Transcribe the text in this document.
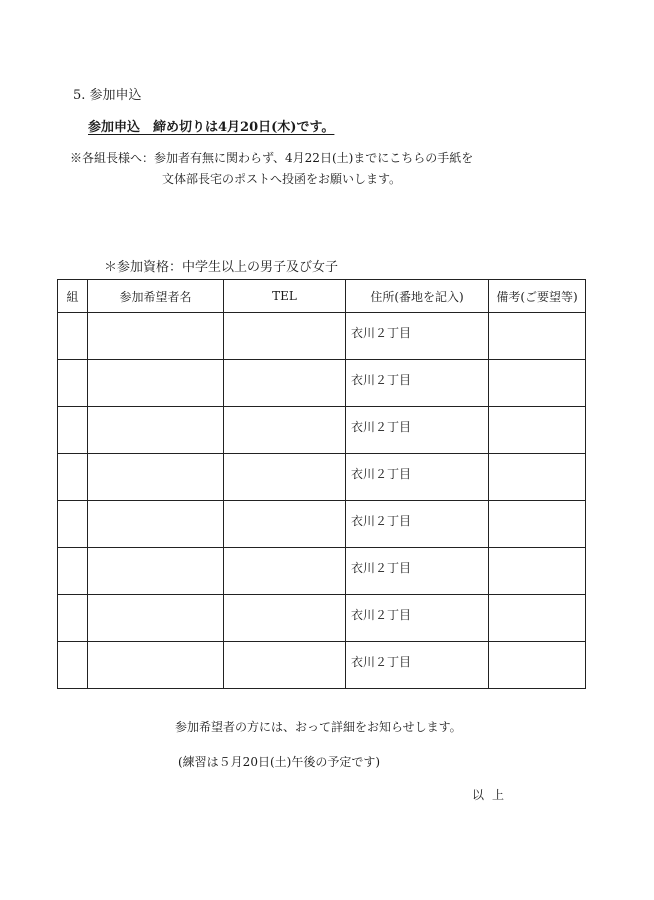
5. 参加申込
参加申込　締め切りは4月20日(木)です。
※各組長様へ：参加者有無に関わらず、4月22日(土)までにこちらの手紙を
文体部長宅のポストへ投函をお願いします。
＊参加資格：中学生以上の男子及び女子
組	参加希望者名	TEL	住所(番地を記入)	備考(ご要望等)

			衣川２丁目	

			衣川２丁目	

			衣川２丁目	

			衣川２丁目	

			衣川２丁目	

			衣川２丁目	

			衣川２丁目	

			衣川２丁目	

参加希望者の方には、おって詳細をお知らせします。
(練習は５月20日(土)午後の予定です)
以上
